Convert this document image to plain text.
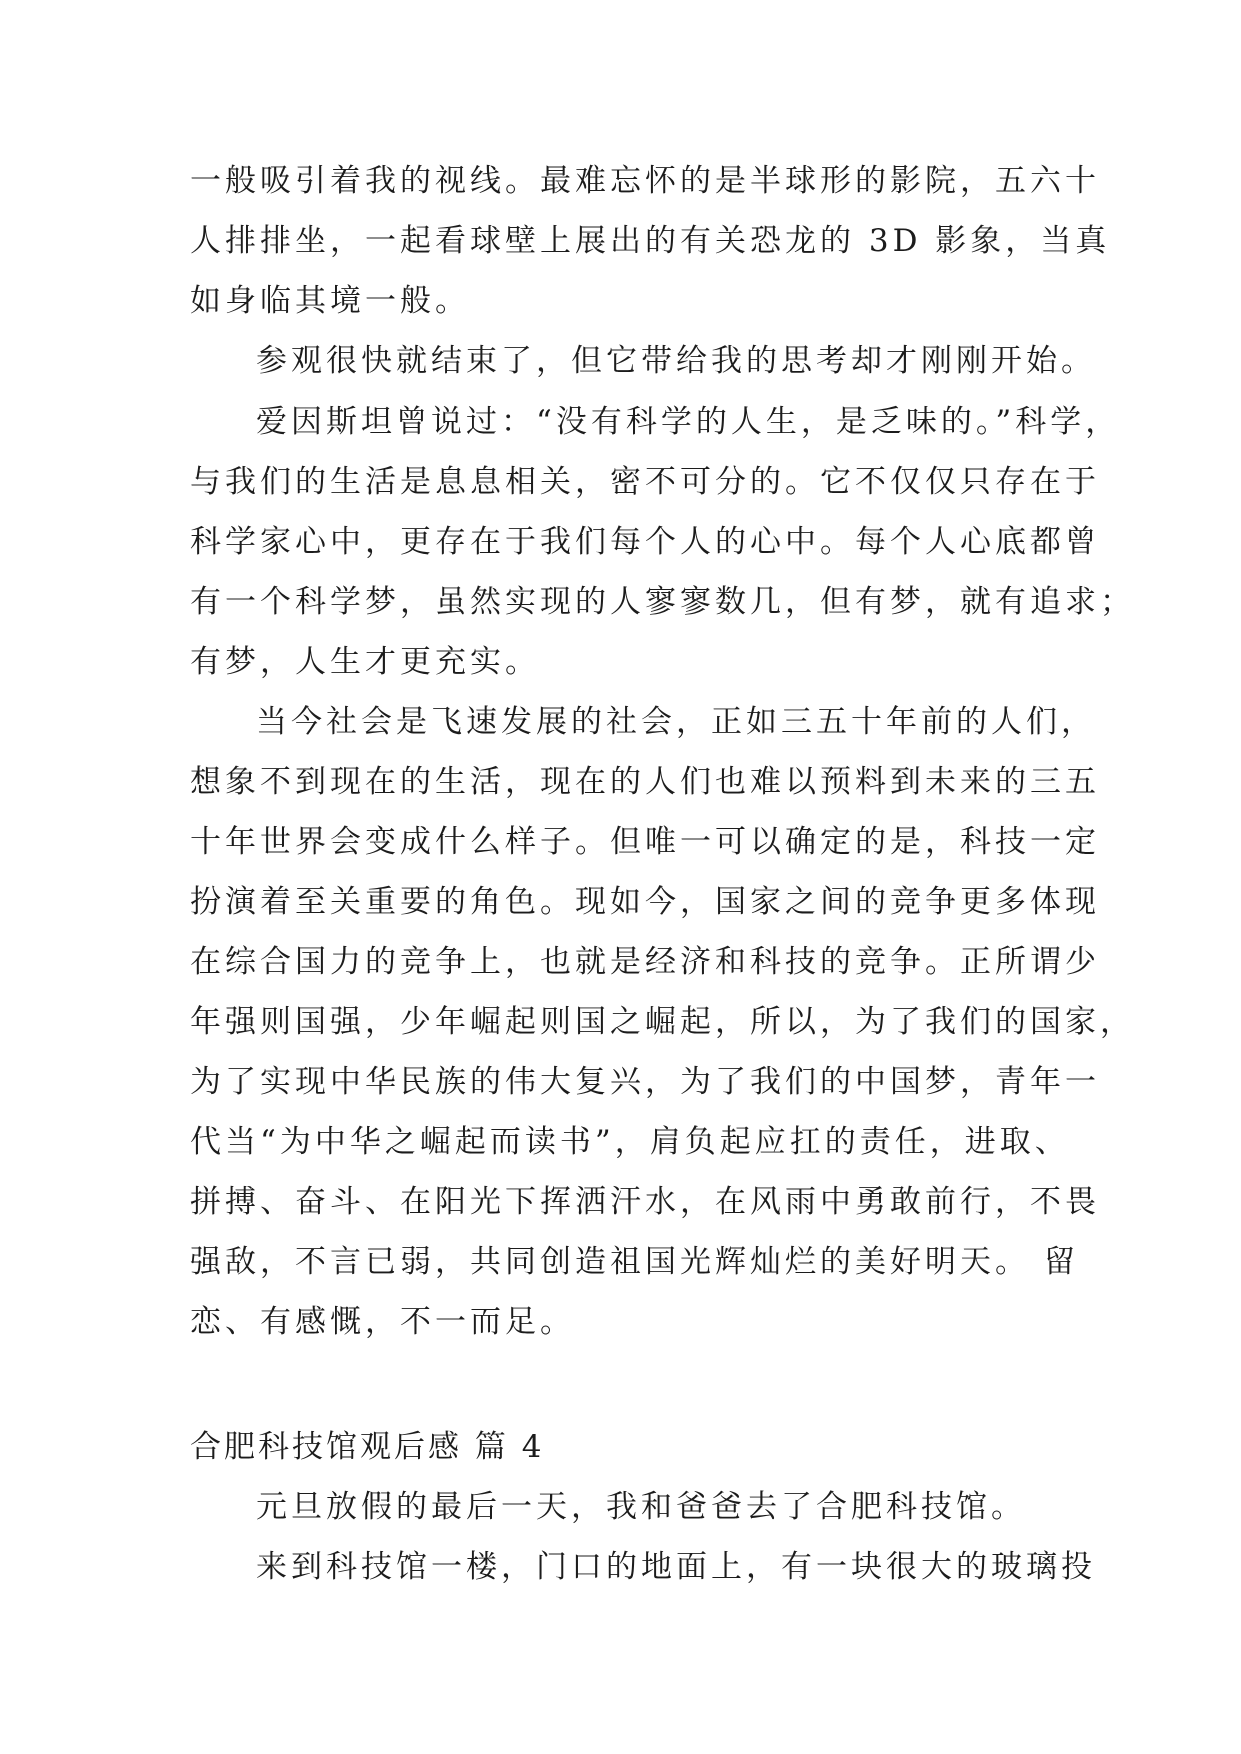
一般吸引着我的视线。最难忘怀的是半球形的影院，五六十

人排排坐，一起看球壁上展出的有关恐龙的 3D 影象，当真

如身临其境一般。

参观很快就结束了，但它带给我的思考却才刚刚开始。

爱因斯坦曾说过：“没有科学的人生，是乏味的。”科学，

与我们的生活是息息相关，密不可分的。它不仅仅只存在于

科学家心中，更存在于我们每个人的心中。每个人心底都曾

有一个科学梦，虽然实现的人寥寥数几，但有梦，就有追求；

有梦，人生才更充实。

当今社会是飞速发展的社会，正如三五十年前的人们，

想象不到现在的生活，现在的人们也难以预料到未来的三五

十年世界会变成什么样子。但唯一可以确定的是，科技一定

扮演着至关重要的角色。现如今，国家之间的竞争更多体现

在综合国力的竞争上，也就是经济和科技的竞争。正所谓少

年强则国强，少年崛起则国之崛起，所以，为了我们的国家，

为了实现中华民族的伟大复兴，为了我们的中国梦，青年一

代当“为中华之崛起而读书”，肩负起应扛的责任，进取、

拼搏、奋斗、在阳光下挥洒汗水，在风雨中勇敢前行，不畏

强敌，不言已弱，共同创造祖国光辉灿烂的美好明天。 留

恋、有感慨，不一而足。

合肥科技馆观后感 篇 4

元旦放假的最后一天，我和爸爸去了合肥科技馆。

来到科技馆一楼，门口的地面上，有一块很大的玻璃投
